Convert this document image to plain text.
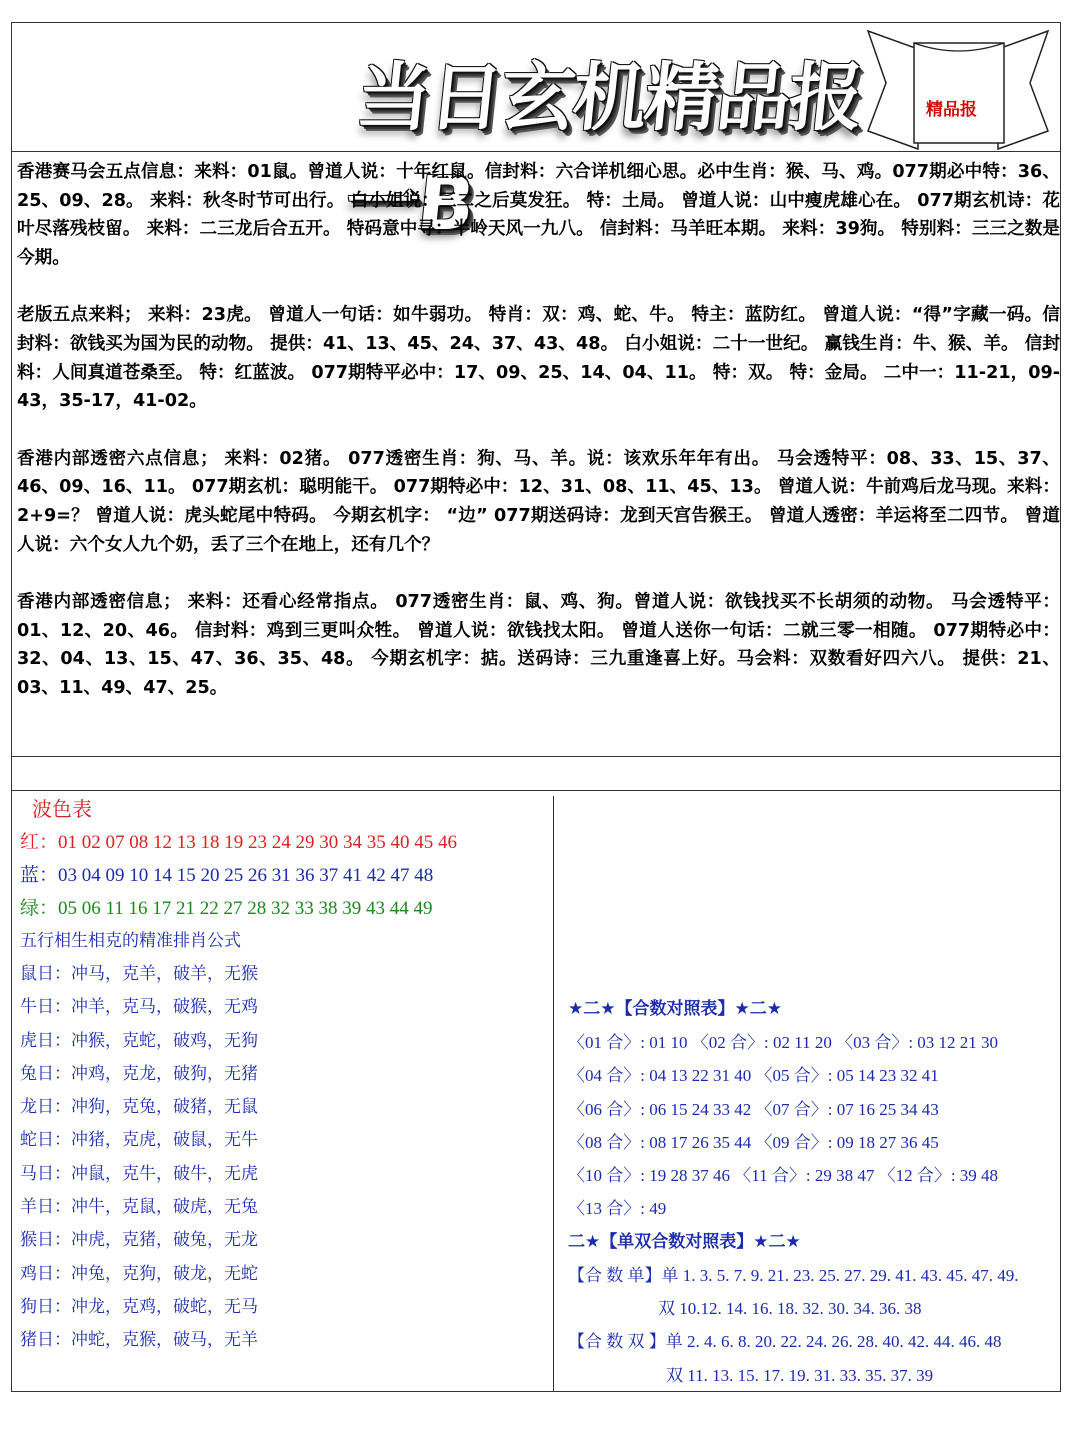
当日玄机精品报一B
精品报

香港赛马会五点信息：来料：01鼠。曾道人说：十年红鼠。信封料：六合详机细心思。必中生肖：猴、马、鸡。077期必中特：36、25、09、28。 来料：秋冬时节可出行。 白小姐说：三二之后莫发狂。 特：土局。 曾道人说：山中瘦虎雄心在。 077期玄机诗：花叶尽落残枝留。 来料：二三龙后合五开。 特码意中寻：半岭天风一九八。 信封料：马羊旺本期。 来料：39狗。 特别料：三三之数是今期。

老版五点来料； 来料：23虎。 曾道人一句话：如牛弱功。 特肖：双：鸡、蛇、牛。 特主：蓝防红。 曾道人说：“得”字藏一码。信封料：欲钱买为国为民的动物。 提供：41、13、45、24、37、43、48。 白小姐说：二十一世纪。 赢钱生肖：牛、猴、羊。 信封料：人间真道苍桑至。 特：红蓝波。 077期特平必中：17、09、25、14、04、11。 特：双。 特：金局。 二中一：11-21，09-43，35-17，41-02。

香港内部透密六点信息； 来料：02猪。 077透密生肖：狗、马、羊。说：该欢乐年年有出。 马会透特平：08、33、15、37、46、09、16、11。 077期玄机：聪明能干。 077期特必中：12、31、08、11、45、13。 曾道人说：牛前鸡后龙马现。来料：2+9=？ 曾道人说：虎头蛇尾中特码。 今期玄机字： “边” 077期送码诗：龙到天宫告猴王。 曾道人透密：羊运将至二四节。 曾道人说：六个女人九个奶，丢了三个在地上，还有几个？

香港内部透密信息； 来料：还看心经常指点。 077透密生肖：鼠、鸡、狗。曾道人说：欲钱找买不长胡须的动物。 马会透特平：01、12、20、46。 信封料：鸡到三更叫众牲。 曾道人说：欲钱找太阳。 曾道人送你一句话：二就三零一相随。 077期特必中：32、04、13、15、47、36、35、48。 今期玄机字：掂。送码诗：三九重逢喜上好。马会料：双数看好四六八。 提供：21、03、11、49、47、25。

波色表
红：01 02 07 08 12 13 18 19 23 24 29 30 34 35 40 45 46
蓝：03 04 09 10 14 15 20 25 26 31 36 37 41 42 47 48
绿：05 06 11 16 17 21 22 27 28 32 33 38 39 43 44 49
五行相生相克的精准排肖公式
鼠日：冲马，克羊，破羊，无猴
牛日：冲羊，克马，破猴，无鸡
虎日：冲猴，克蛇，破鸡，无狗
兔日：冲鸡，克龙，破狗，无猪
龙日：冲狗，克兔，破猪，无鼠
蛇日：冲猪，克虎，破鼠，无牛
马日：冲鼠，克牛，破牛，无虎
羊日：冲牛，克鼠，破虎，无兔
猴日：冲虎，克猪，破兔，无龙
鸡日：冲兔，克狗，破龙，无蛇
狗日：冲龙，克鸡，破蛇，无马
猪日：冲蛇，克猴，破马，无羊
★二★【合数对照表】★二★
〈01 合〉: 01 10 〈02 合〉: 02 11 20 〈03 合〉: 03 12 21 30
〈04 合〉: 04 13 22 31 40 〈05 合〉: 05 14 23 32 41
〈06 合〉: 06 15 24 33 42 〈07 合〉: 07 16 25 34 43
〈08 合〉: 08 17 26 35 44 〈09 合〉: 09 18 27 36 45
〈10 合〉: 19 28 37 46 〈11 合〉: 29 38 47 〈12 合〉: 39 48
〈13 合〉: 49
二★【单双合数对照表】★二★
【合 数 单】单 1. 3. 5. 7. 9. 21. 23. 25. 27. 29. 41. 43. 45. 47. 49.
双 10.12. 14. 16. 18. 32. 30. 34. 36. 38
【合 数 双 】单 2. 4. 6. 8. 20. 22. 24. 26. 28. 40. 42. 44. 46. 48
双 11. 13. 15. 17. 19. 31. 33. 35. 37. 39
